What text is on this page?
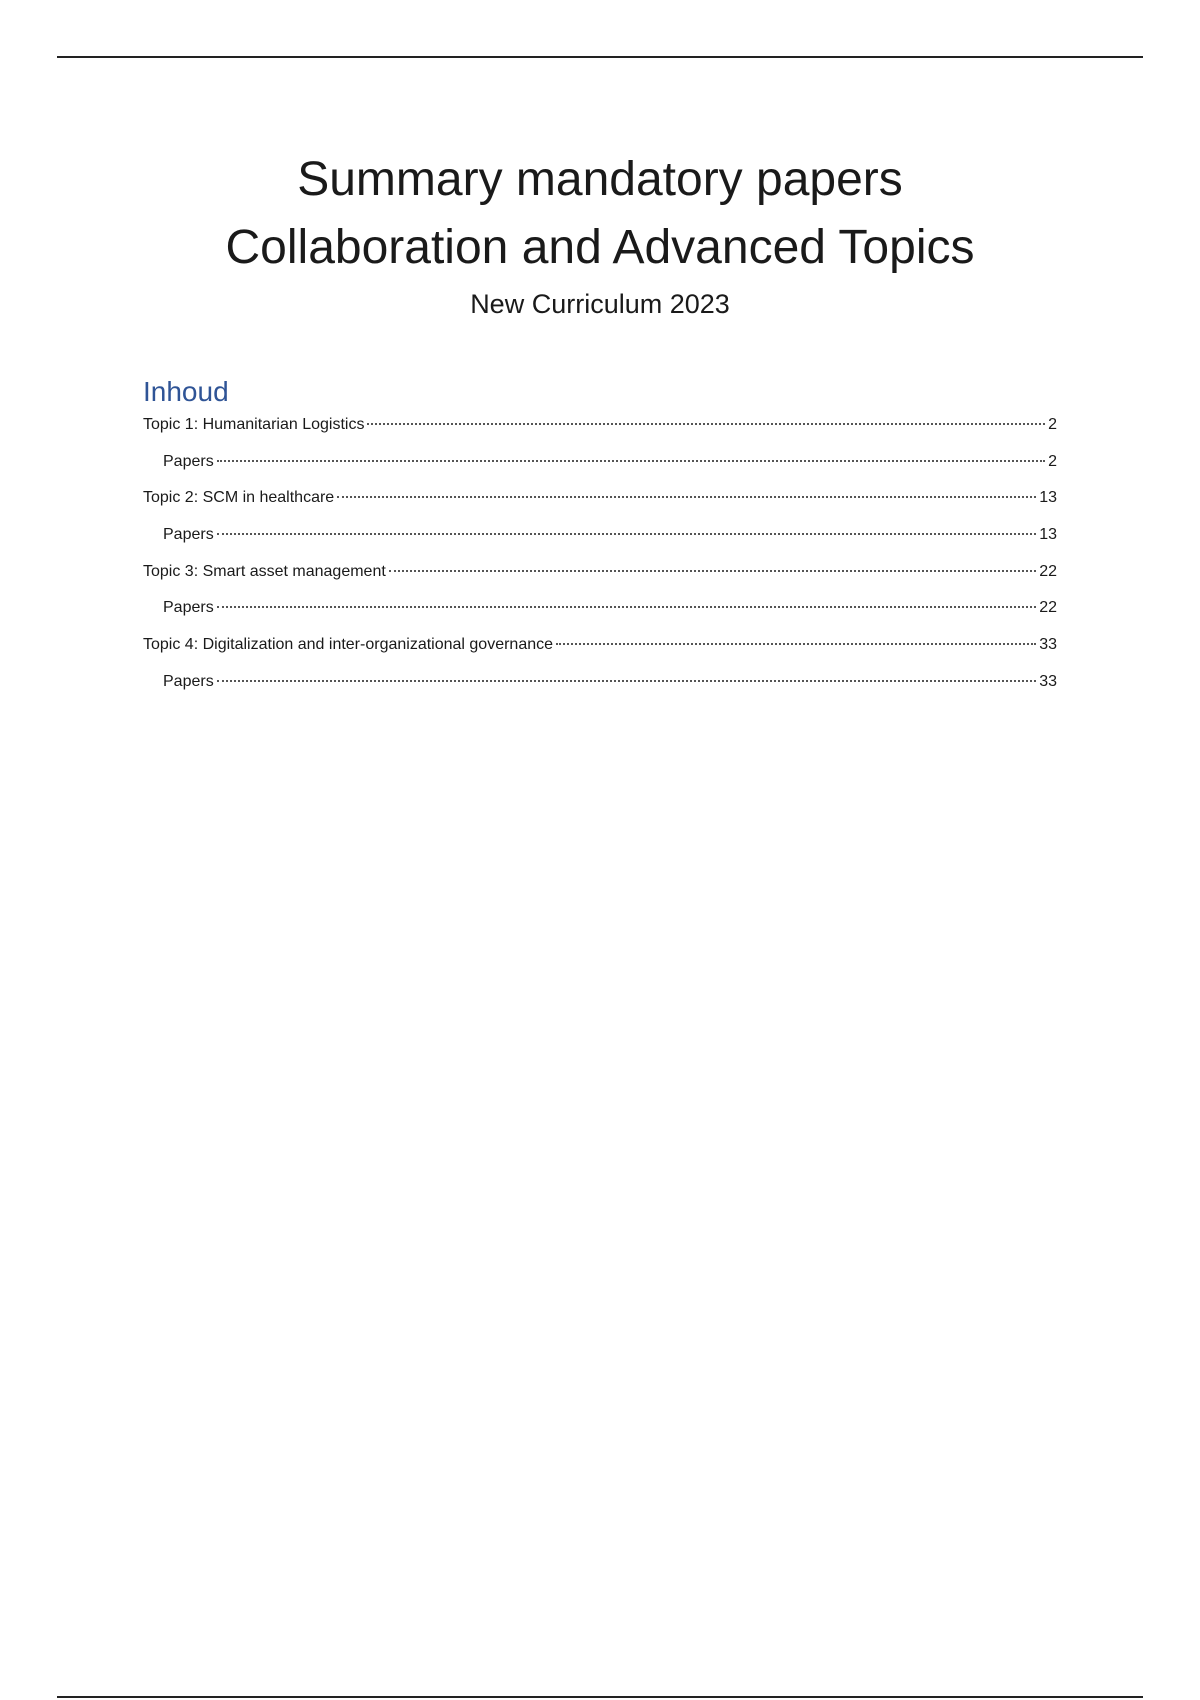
Summary mandatory papers
Collaboration and Advanced Topics
New Curriculum 2023
Inhoud
Topic 1: Humanitarian Logistics	2
Papers	2
Topic 2: SCM in healthcare	13
Papers	13
Topic 3: Smart asset management	22
Papers	22
Topic 4: Digitalization and inter-organizational governance	33
Papers	33
